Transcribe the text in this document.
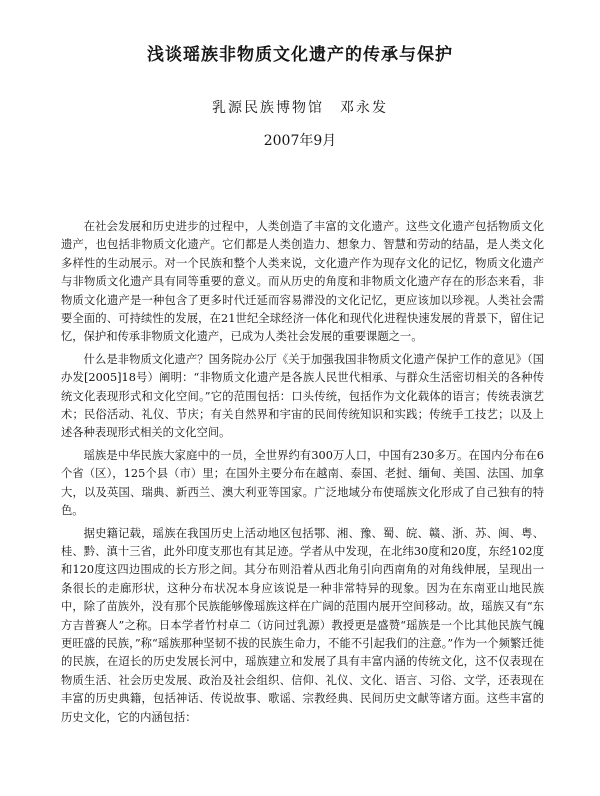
浅谈瑶族非物质文化遗产的传承与保护
乳源民族博物馆　邓永发
2007年9月

在社会发展和历史进步的过程中，人类创造了丰富的文化遗产。这些文化遗产包括物质文化遗产，也包括非物质文化遗产。它们都是人类创造力、想象力、智慧和劳动的结晶，是人类文化多样性的生动展示。对一个民族和整个人类来说，文化遗产作为现存文化的记忆，物质文化遗产与非物质文化遗产具有同等重要的意义。而从历史的角度和非物质文化遗产存在的形态来看，非物质文化遗产是一种包含了更多时代迁延而容易滞没的文化记忆，更应该加以珍视。人类社会需要全面的、可持续性的发展，在21世纪全球经济一体化和现代化进程快速发展的背景下，留住记忆，保护和传承非物质文化遗产，已成为人类社会发展的重要课题之一。

什么是非物质文化遗产？国务院办公厅《关于加强我国非物质文化遗产保护工作的意见》（国办发[2005]18号）阐明：“非物质文化遗产是各族人民世代相承、与群众生活密切相关的各种传统文化表现形式和文化空间。”它的范围包括：口头传统，包括作为文化载体的语言；传统表演艺术；民俗活动、礼仪、节庆；有关自然界和宇宙的民间传统知识和实践；传统手工技艺；以及上述各种表现形式相关的文化空间。

瑶族是中华民族大家庭中的一员，全世界约有300万人口，中国有230多万。在国内分布在6个省（区），125个县（市）里；在国外主要分布在越南、泰国、老挝、缅甸、美国、法国、加拿大，以及英国、瑞典、新西兰、澳大利亚等国家。广泛地域分布使瑶族文化形成了自己独有的特色。

据史籍记载，瑶族在我国历史上活动地区包括鄂、湘、豫、蜀、皖、赣、浙、苏、闽、粤、桂、黔、滇十三省，此外印度支那也有其足迹。学者从中发现，在北纬30度和20度，东经102度和120度这四边围成的长方形之间。其分布则沿着从西北角引向西南角的对角线伸展，呈现出一条很长的走廊形状，这种分布状况本身应该说是一种非常特异的现象。因为在东南亚山地民族中，除了苗族外，没有那个民族能够像瑶族这样在广阔的范围内展开空间移动。故，瑶族又有“东方吉普赛人”之称。日本学者竹村卓二（访问过乳源）教授更是盛赞“瑶族是一个比其他民族气魄更旺盛的民族，”称“瑶族那种坚韧不拔的民族生命力，不能不引起我们的注意。”作为一个频繁迁徙的民族，在迢长的历史发展长河中，瑶族建立和发展了具有丰富内涵的传统文化，这不仅表现在物质生活、社会历史发展、政治及社会组织、信仰、礼仪、文化、语言、习俗、文学，还表现在丰富的历史典籍，包括神话、传说故事、歌谣、宗教经典、民间历史文献等诸方面。这些丰富的历史文化，它的内涵包括：
